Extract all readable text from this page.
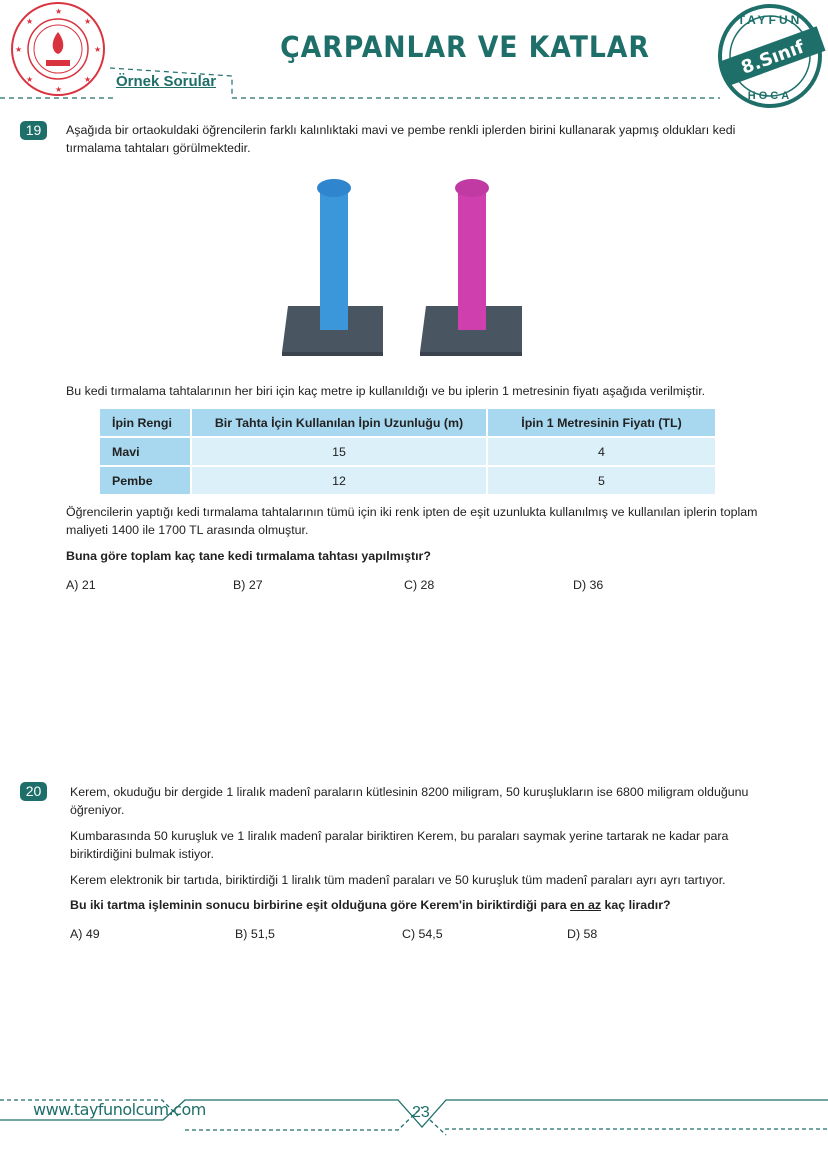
★
★
★	★
★	★
★	★
ÇARPANLAR VE KATLAR
Örnek Sorular
8.Sınıf
TAYFUN
HOCA
19	Aşağıda bir ortaokuldaki öğrencilerin farklı kalınlıktaki mavi ve pembe renkli iplerden birini kullanarak yapmış oldukları kedi tırmalama tahtaları görülmektedir.
Bu kedi tırmalama tahtalarının her biri için kaç metre ip kullanıldığı ve bu iplerin 1 metresinin fiyatı aşağıda verilmiştir.
İpin Rengi	Bir Tahta İçin Kullanılan İpin Uzunluğu (m)	İpin 1 Metresinin Fiyatı (TL)
Mavi	15	4
Pembe	12	5
Öğrencilerin yaptığı kedi tırmalama tahtalarının tümü için iki renk ipten de eşit uzunlukta kullanılmış ve kullanılan iplerin toplam maliyeti 1400 ile 1700 TL arasında olmuştur.
Buna göre toplam kaç tane kedi tırmalama tahtası yapılmıştır?
A) 21	B) 27	C) 28	D) 36
20	Kerem, okuduğu bir dergide 1 liralık madenî paraların kütlesinin 8200 miligram, 50 kuruşlukların ise 6800 miligram olduğunu öğreniyor.
Kumbarasında 50 kuruşluk ve 1 liralık madenî paralar biriktiren Kerem, bu paraları saymak yerine tartarak ne kadar para biriktirdiğini bulmak istiyor.
Kerem elektronik bir tartıda, biriktirdiği 1 liralık tüm madenî paraları ve 50 kuruşluk tüm madenî paraları ayrı ayrı tartıyor.
Bu iki tartma işleminin sonucu birbirine eşit olduğuna göre Kerem'in biriktirdiği para en az kaç liradır?
A) 49	B) 51,5	C) 54,5	D) 58
www.tayfunolcum.com	23
